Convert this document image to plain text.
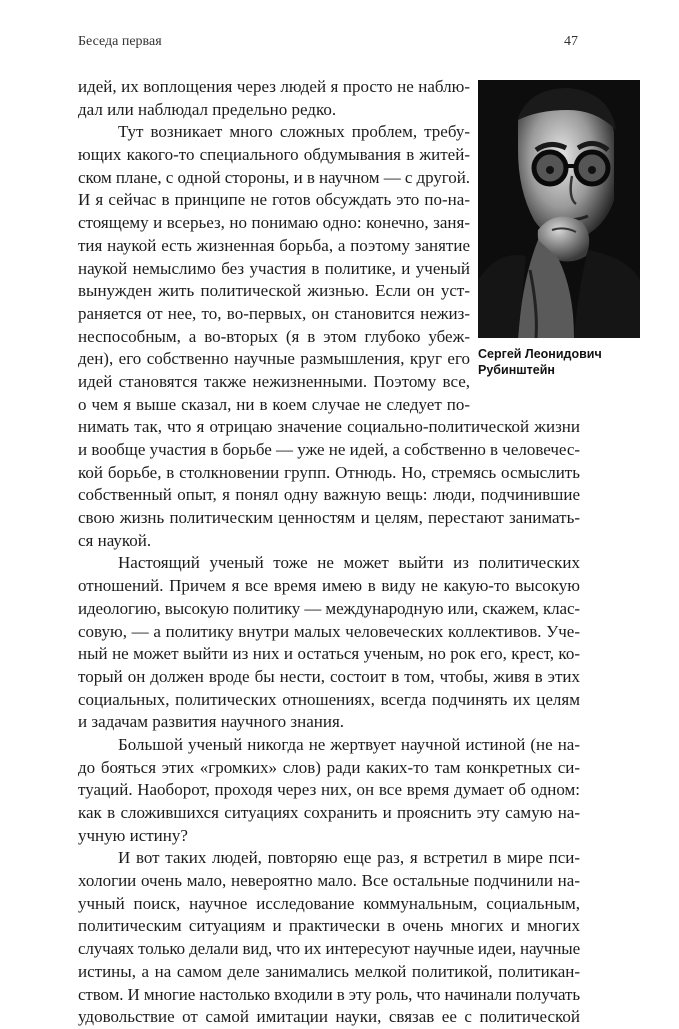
Беседа первая	47
Сергей Леонидович
Рубинштейн
идей, их воплощения через людей я просто не наблю-
дал или наблюдал предельно редко.
Тут возникает много сложных проблем, требу-
ющих какого-то специального обдумывания в житей-
ском плане, с одной стороны, и в научном — с другой.
И я сейчас в принципе не готов обсуждать это по-на-
стоящему и всерьез, но понимаю одно: конечно, заня-
тия наукой есть жизненная борьба, а поэтому занятие
наукой немыслимо без участия в политике, и ученый
вынужден жить политической жизнью. Если он уст-
раняется от нее, то, во-первых, он становится нежиз-
неспособным, а во-вторых (я в этом глубоко убеж-
ден), его собственно научные размышления, круг его
идей становятся также нежизненными. Поэтому все,
о чем я выше сказал, ни в коем случае не следует по-
нимать так, что я отрицаю значение социально-политической жизни
и вообще участия в борьбе — уже не идей, а собственно в человечес-
кой борьбе, в столкновении групп. Отнюдь. Но, стремясь осмыслить
собственный опыт, я понял одну важную вещь: люди, подчинившие
свою жизнь политическим ценностям и целям, перестают занимать-
ся наукой.
Настоящий ученый тоже не может выйти из политических
отношений. Причем я все время имею в виду не какую-то высокую
идеологию, высокую политику — международную или, скажем, клас-
совую, — а политику внутри малых человеческих коллективов. Уче-
ный не может выйти из них и остаться ученым, но рок его, крест, ко-
торый он должен вроде бы нести, состоит в том, чтобы, живя в этих
социальных, политических отношениях, всегда подчинять их целям
и задачам развития научного знания.
Большой ученый никогда не жертвует научной истиной (не на-
до бояться этих «громких» слов) ради каких-то там конкретных си-
туаций. Наоборот, проходя через них, он все время думает об одном:
как в сложившихся ситуациях сохранить и прояснить эту самую на-
учную истину?
И вот таких людей, повторяю еще раз, я встретил в мире пси-
хологии очень мало, невероятно мало. Все остальные подчинили на-
учный поиск, научное исследование коммунальным, социальным,
политическим ситуациям и практически в очень многих и многих
случаях только делали вид, что их интересуют научные идеи, научные
истины, а на самом деле занимались мелкой политикой, политикан-
ством. И многие настолько входили в эту роль, что начинали получать
удовольствие от самой имитации науки, связав ее с политической
